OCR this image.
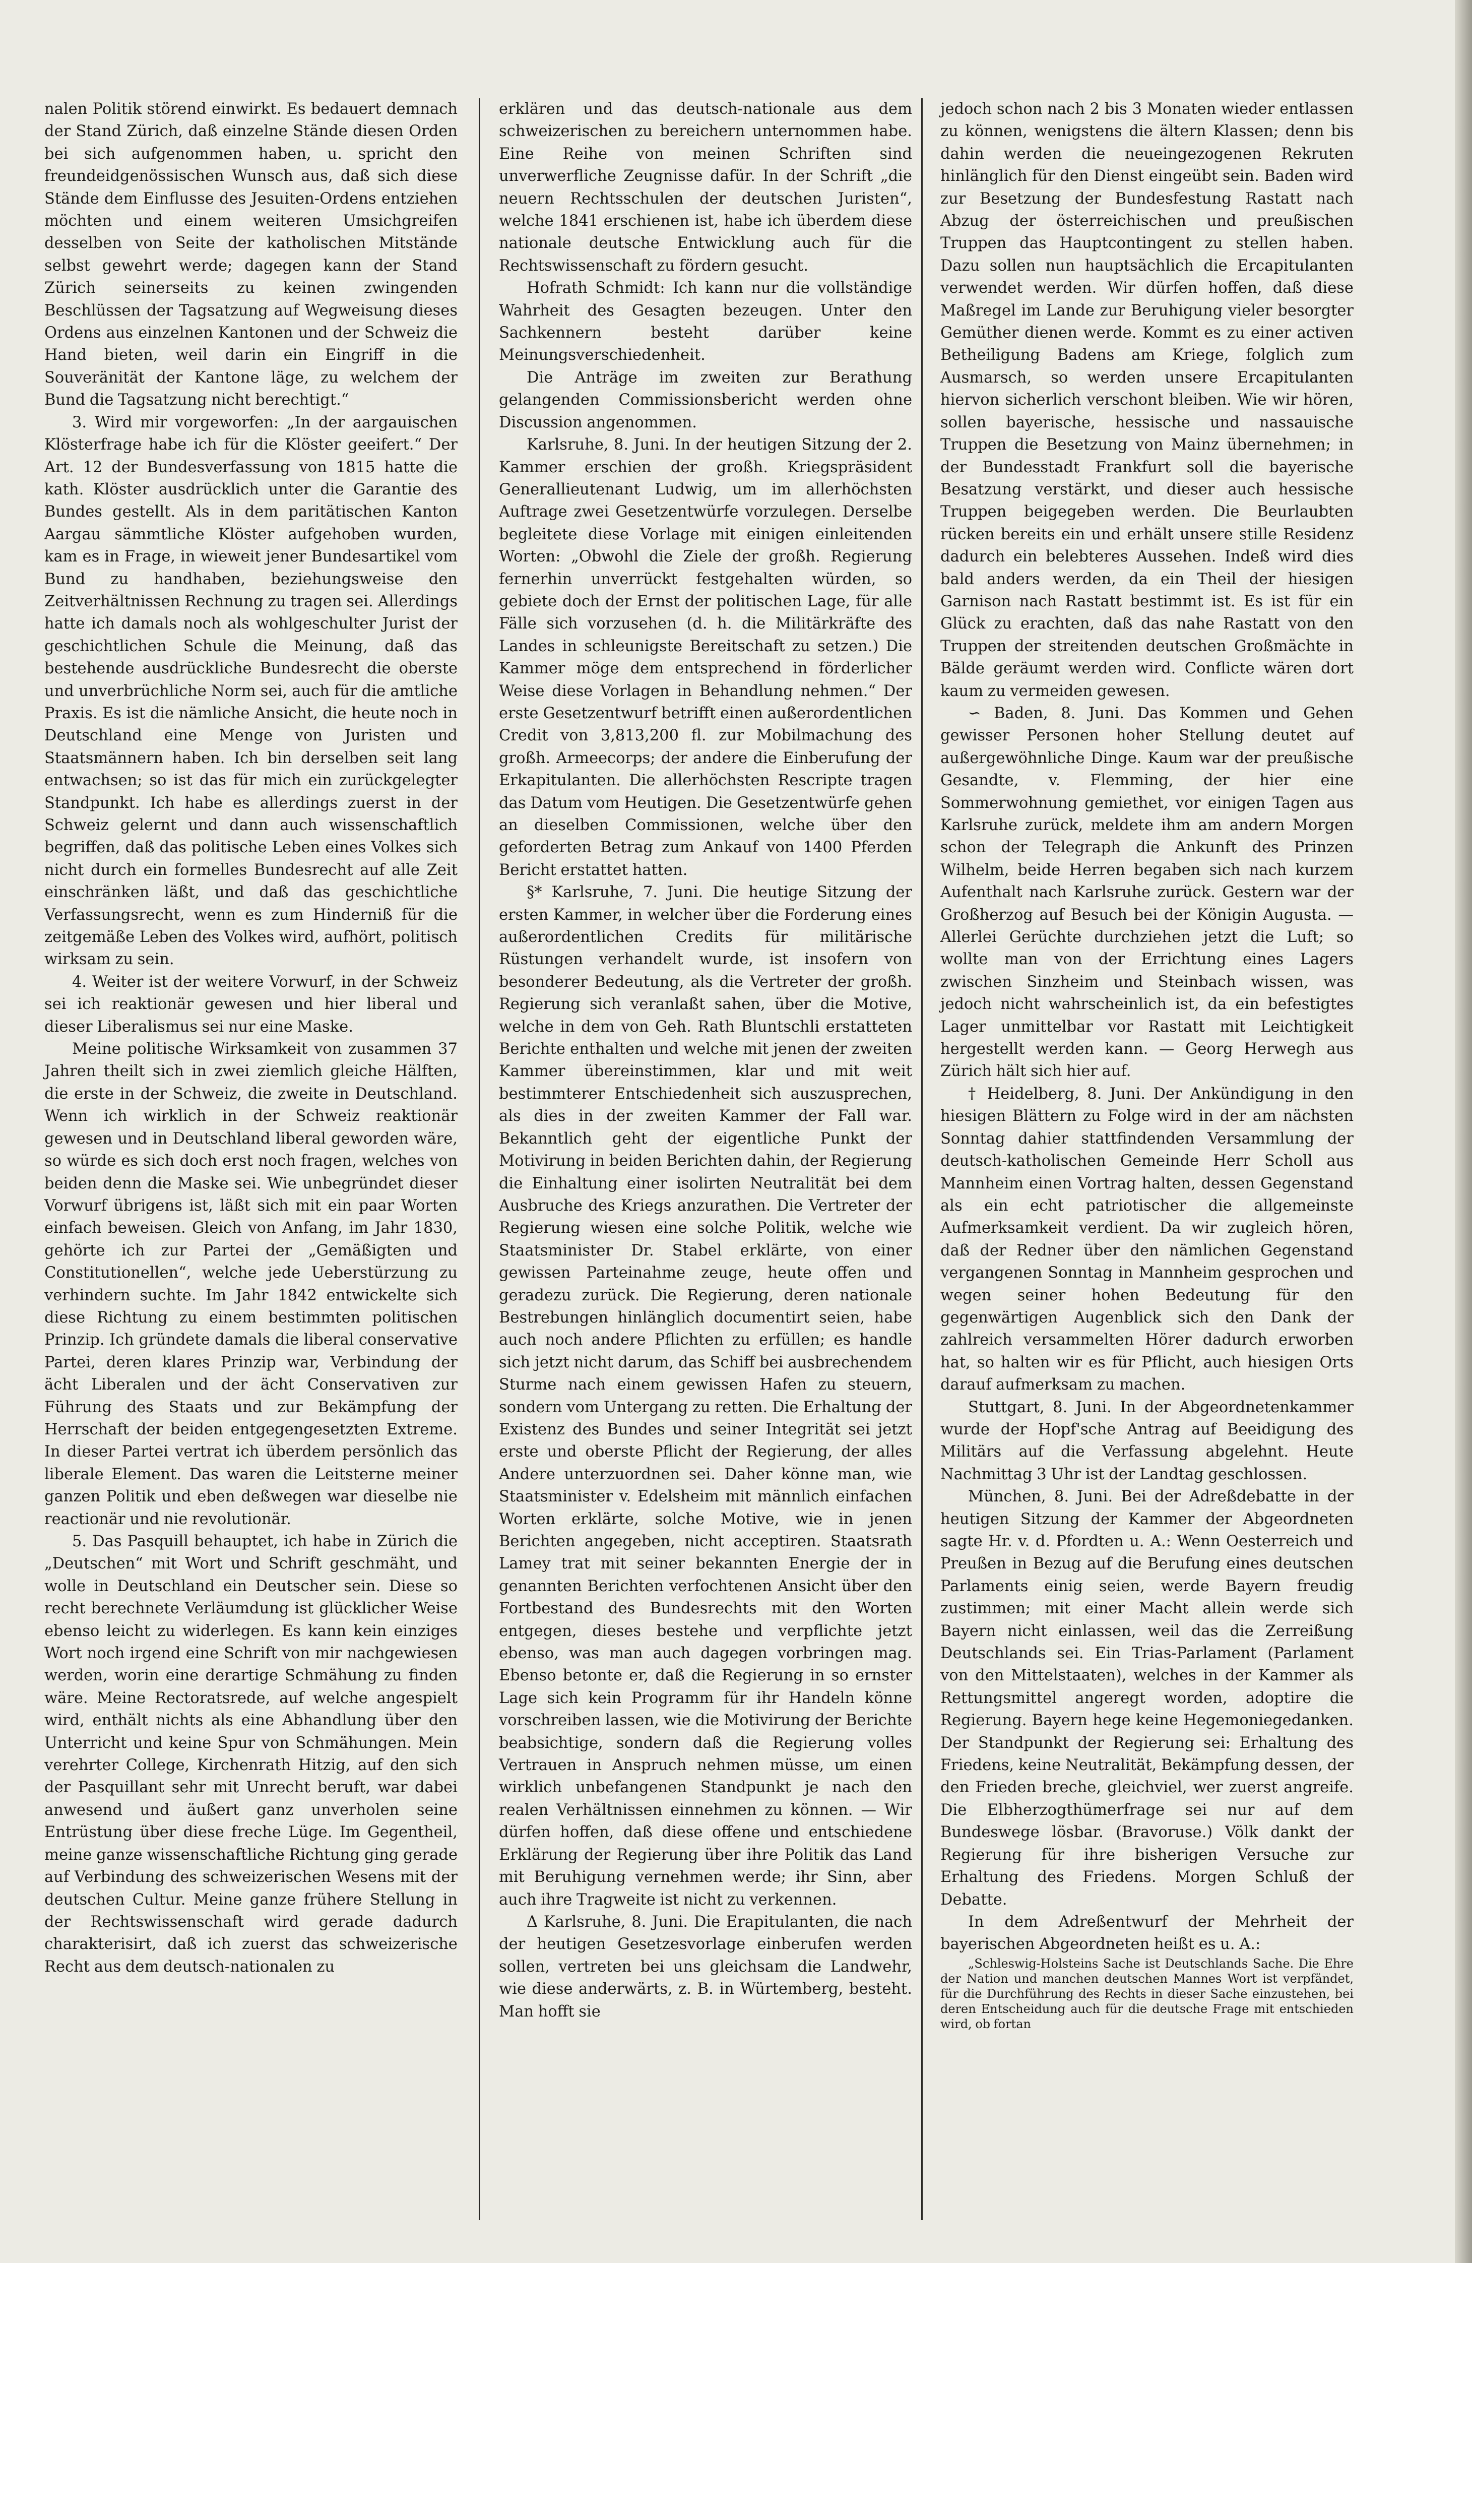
nalen Politik störend einwirkt. Es bedauert demnach der Stand Zürich, daß einzelne Stände diesen Orden bei sich aufgenommen haben, u. spricht den freundeidgenössischen Wunsch aus, daß sich diese Stände dem Einflusse des Jesuiten-Ordens entziehen möchten und einem weiteren Umsichgreifen desselben von Seite der katholischen Mitstände selbst gewehrt werde; dagegen kann der Stand Zürich seinerseits zu keinen zwingenden Beschlüssen der Tagsatzung auf Wegweisung dieses Ordens aus einzelnen Kantonen und der Schweiz die Hand bieten, weil darin ein Eingriff in die Souveränität der Kantone läge, zu welchem der Bund die Tagsatzung nicht berechtigt.“

3. Wird mir vorgeworfen: „In der aargauischen Klösterfrage habe ich für die Klöster geeifert.“ Der Art. 12 der Bundesverfassung von 1815 hatte die kath. Klöster ausdrücklich unter die Garantie des Bundes gestellt. Als in dem paritätischen Kanton Aargau sämmtliche Klöster aufgehoben wurden, kam es in Frage, in wieweit jener Bundesartikel vom Bund zu handhaben, beziehungsweise den Zeitverhältnissen Rechnung zu tragen sei. Allerdings hatte ich damals noch als wohlgeschulter Jurist der geschichtlichen Schule die Meinung, daß das bestehende ausdrückliche Bundesrecht die oberste und unverbrüchliche Norm sei, auch für die amtliche Praxis. Es ist die nämliche Ansicht, die heute noch in Deutschland eine Menge von Juristen und Staatsmännern haben. Ich bin derselben seit lang entwachsen; so ist das für mich ein zurückgelegter Standpunkt. Ich habe es allerdings zuerst in der Schweiz gelernt und dann auch wissenschaftlich begriffen, daß das politische Leben eines Volkes sich nicht durch ein formelles Bundesrecht auf alle Zeit einschränken läßt, und daß das geschichtliche Verfassungsrecht, wenn es zum Hinderniß für die zeitgemäße Leben des Volkes wird, aufhört, politisch wirksam zu sein.

4. Weiter ist der weitere Vorwurf, in der Schweiz sei ich reaktionär gewesen und hier liberal und dieser Liberalismus sei nur eine Maske.

Meine politische Wirksamkeit von zusammen 37 Jahren theilt sich in zwei ziemlich gleiche Hälften, die erste in der Schweiz, die zweite in Deutschland. Wenn ich wirklich in der Schweiz reaktionär gewesen und in Deutschland liberal geworden wäre, so würde es sich doch erst noch fragen, welches von beiden denn die Maske sei. Wie unbegründet dieser Vorwurf übrigens ist, läßt sich mit ein paar Worten einfach beweisen. Gleich von Anfang, im Jahr 1830, gehörte ich zur Partei der „Gemäßigten und Constitutionellen“, welche jede Ueberstürzung zu verhindern suchte. Im Jahr 1842 entwickelte sich diese Richtung zu einem bestimmten politischen Prinzip. Ich gründete damals die liberal conservative Partei, deren klares Prinzip war, Verbindung der ächt Liberalen und der ächt Conservativen zur Führung des Staats und zur Bekämpfung der Herrschaft der beiden entgegengesetzten Extreme. In dieser Partei vertrat ich überdem persönlich das liberale Element. Das waren die Leitsterne meiner ganzen Politik und eben deßwegen war dieselbe nie reactionär und nie revolutionär.

5. Das Pasquill behauptet, ich habe in Zürich die „Deutschen“ mit Wort und Schrift geschmäht, und wolle in Deutschland ein Deutscher sein. Diese so recht berechnete Verläumdung ist glücklicher Weise ebenso leicht zu widerlegen. Es kann kein einziges Wort noch irgend eine Schrift von mir nachgewiesen werden, worin eine derartige Schmähung zu finden wäre. Meine Rectoratsrede, auf welche angespielt wird, enthält nichts als eine Abhandlung über den Unterricht und keine Spur von Schmähungen. Mein verehrter College, Kirchenrath Hitzig, auf den sich der Pasquillant sehr mit Unrecht beruft, war dabei anwesend und äußert ganz unverholen seine Entrüstung über diese freche Lüge. Im Gegentheil, meine ganze wissenschaftliche Richtung ging gerade auf Verbindung des schweizerischen Wesens mit der deutschen Cultur. Meine ganze frühere Stellung in der Rechtswissenschaft wird gerade dadurch charakterisirt, daß ich zuerst das schweizerische Recht aus dem deutsch-nationalen zu

erklären und das deutsch-nationale aus dem schweizerischen zu bereichern unternommen habe. Eine Reihe von meinen Schriften sind unverwerfliche Zeugnisse dafür. In der Schrift „die neuern Rechtsschulen der deutschen Juristen“, welche 1841 erschienen ist, habe ich überdem diese nationale deutsche Entwicklung auch für die Rechtswissenschaft zu fördern gesucht.

Hofrath Schmidt: Ich kann nur die vollständige Wahrheit des Gesagten bezeugen. Unter den Sachkennern besteht darüber keine Meinungsverschiedenheit.

Die Anträge im zweiten zur Berathung gelangenden Commissionsbericht werden ohne Discussion angenommen.

Karlsruhe, 8. Juni. In der heutigen Sitzung der 2. Kammer erschien der großh. Kriegspräsident Generallieutenant Ludwig, um im allerhöchsten Auftrage zwei Gesetzentwürfe vorzulegen. Derselbe begleitete diese Vorlage mit einigen einleitenden Worten: „Obwohl die Ziele der großh. Regierung fernerhin unverrückt festgehalten würden, so gebiete doch der Ernst der politischen Lage, für alle Fälle sich vorzusehen (d. h. die Militärkräfte des Landes in schleunigste Bereitschaft zu setzen.) Die Kammer möge dem entsprechend in förderlicher Weise diese Vorlagen in Behandlung nehmen.“ Der erste Gesetzentwurf betrifft einen außerordentlichen Credit von 3,813,200 fl. zur Mobilmachung des großh. Armeecorps; der andere die Einberufung der Erkapitulanten. Die allerhöchsten Rescripte tragen das Datum vom Heutigen. Die Gesetzentwürfe gehen an dieselben Commissionen, welche über den geforderten Betrag zum Ankauf von 1400 Pferden Bericht erstattet hatten.

§* Karlsruhe, 7. Juni. Die heutige Sitzung der ersten Kammer, in welcher über die Forderung eines außerordentlichen Credits für militärische Rüstungen verhandelt wurde, ist insofern von besonderer Bedeutung, als die Vertreter der großh. Regierung sich veranlaßt sahen, über die Motive, welche in dem von Geh. Rath Bluntschli erstatteten Berichte enthalten und welche mit jenen der zweiten Kammer übereinstimmen, klar und mit weit bestimmterer Entschiedenheit sich auszusprechen, als dies in der zweiten Kammer der Fall war. Bekanntlich geht der eigentliche Punkt der Motivirung in beiden Berichten dahin, der Regierung die Einhaltung einer isolirten Neutralität bei dem Ausbruche des Kriegs anzurathen. Die Vertreter der Regierung wiesen eine solche Politik, welche wie Staatsminister Dr. Stabel erklärte, von einer gewissen Parteinahme zeuge, heute offen und geradezu zurück. Die Regierung, deren nationale Bestrebungen hinlänglich documentirt seien, habe auch noch andere Pflichten zu erfüllen; es handle sich jetzt nicht darum, das Schiff bei ausbrechendem Sturme nach einem gewissen Hafen zu steuern, sondern vom Untergang zu retten. Die Erhaltung der Existenz des Bundes und seiner Integrität sei jetzt erste und oberste Pflicht der Regierung, der alles Andere unterzuordnen sei. Daher könne man, wie Staatsminister v. Edelsheim mit männlich einfachen Worten erklärte, solche Motive, wie in jenen Berichten angegeben, nicht acceptiren. Staatsrath Lamey trat mit seiner bekannten Energie der in genannten Berichten verfochtenen Ansicht über den Fortbestand des Bundesrechts mit den Worten entgegen, dieses bestehe und verpflichte jetzt ebenso, was man auch dagegen vorbringen mag. Ebenso betonte er, daß die Regierung in so ernster Lage sich kein Programm für ihr Handeln könne vorschreiben lassen, wie die Motivirung der Berichte beabsichtige, sondern daß die Regierung volles Vertrauen in Anspruch nehmen müsse, um einen wirklich unbefangenen Standpunkt je nach den realen Verhältnissen einnehmen zu können. — Wir dürfen hoffen, daß diese offene und entschiedene Erklärung der Regierung über ihre Politik das Land mit Beruhigung vernehmen werde; ihr Sinn, aber auch ihre Tragweite ist nicht zu verkennen.

Δ Karlsruhe, 8. Juni. Die Erapitulanten, die nach der heutigen Gesetzesvorlage einberufen werden sollen, vertreten bei uns gleichsam die Landwehr, wie diese anderwärts, z. B. in Würtemberg, besteht. Man hofft sie

jedoch schon nach 2 bis 3 Monaten wieder entlassen zu können, wenigstens die ältern Klassen; denn bis dahin werden die neueingezogenen Rekruten hinlänglich für den Dienst eingeübt sein. Baden wird zur Besetzung der Bundesfestung Rastatt nach Abzug der österreichischen und preußischen Truppen das Hauptcontingent zu stellen haben. Dazu sollen nun hauptsächlich die Ercapitulanten verwendet werden. Wir dürfen hoffen, daß diese Maßregel im Lande zur Beruhigung vieler besorgter Gemüther dienen werde. Kommt es zu einer activen Betheiligung Badens am Kriege, folglich zum Ausmarsch, so werden unsere Ercapitulanten hiervon sicherlich verschont bleiben. Wie wir hören, sollen bayerische, hessische und nassauische Truppen die Besetzung von Mainz übernehmen; in der Bundesstadt Frankfurt soll die bayerische Besatzung verstärkt, und dieser auch hessische Truppen beigegeben werden. Die Beurlaubten rücken bereits ein und erhält unsere stille Residenz dadurch ein belebteres Aussehen. Indeß wird dies bald anders werden, da ein Theil der hiesigen Garnison nach Rastatt bestimmt ist. Es ist für ein Glück zu erachten, daß das nahe Rastatt von den Truppen der streitenden deutschen Großmächte in Bälde geräumt werden wird. Conflicte wären dort kaum zu vermeiden gewesen.

∽ Baden, 8. Juni. Das Kommen und Gehen gewisser Personen hoher Stellung deutet auf außergewöhnliche Dinge. Kaum war der preußische Gesandte, v. Flemming, der hier eine Sommerwohnung gemiethet, vor einigen Tagen aus Karlsruhe zurück, meldete ihm am andern Morgen schon der Telegraph die Ankunft des Prinzen Wilhelm, beide Herren begaben sich nach kurzem Aufenthalt nach Karlsruhe zurück. Gestern war der Großherzog auf Besuch bei der Königin Augusta. — Allerlei Gerüchte durchziehen jetzt die Luft; so wollte man von der Errichtung eines Lagers zwischen Sinzheim und Steinbach wissen, was jedoch nicht wahrscheinlich ist, da ein befestigtes Lager unmittelbar vor Rastatt mit Leichtigkeit hergestellt werden kann. — Georg Herwegh aus Zürich hält sich hier auf.

† Heidelberg, 8. Juni. Der Ankündigung in den hiesigen Blättern zu Folge wird in der am nächsten Sonntag dahier stattfindenden Versammlung der deutsch-katholischen Gemeinde Herr Scholl aus Mannheim einen Vortrag halten, dessen Gegenstand als ein echt patriotischer die allgemeinste Aufmerksamkeit verdient. Da wir zugleich hören, daß der Redner über den nämlichen Gegenstand vergangenen Sonntag in Mannheim gesprochen und wegen seiner hohen Bedeutung für den gegenwärtigen Augenblick sich den Dank der zahlreich versammelten Hörer dadurch erworben hat, so halten wir es für Pflicht, auch hiesigen Orts darauf aufmerksam zu machen.

Stuttgart, 8. Juni. In der Abgeordnetenkammer wurde der Hopf'sche Antrag auf Beeidigung des Militärs auf die Verfassung abgelehnt. Heute Nachmittag 3 Uhr ist der Landtag geschlossen.

München, 8. Juni. Bei der Adreßdebatte in der heutigen Sitzung der Kammer der Abgeordneten sagte Hr. v. d. Pfordten u. A.: Wenn Oesterreich und Preußen in Bezug auf die Berufung eines deutschen Parlaments einig seien, werde Bayern freudig zustimmen; mit einer Macht allein werde sich Bayern nicht einlassen, weil das die Zerreißung Deutschlands sei. Ein Trias-Parlament (Parlament von den Mittelstaaten), welches in der Kammer als Rettungsmittel angeregt worden, adoptire die Regierung. Bayern hege keine Hegemoniegedanken. Der Standpunkt der Regierung sei: Erhaltung des Friedens, keine Neutralität, Bekämpfung dessen, der den Frieden breche, gleichviel, wer zuerst angreife. Die Elbherzogthümerfrage sei nur auf dem Bundeswege lösbar. (Bravoruse.) Völk dankt der Regierung für ihre bisherigen Versuche zur Erhaltung des Friedens. Morgen Schluß der Debatte.

In dem Adreßentwurf der Mehrheit der bayerischen Abgeordneten heißt es u. A.:

„Schleswig-Holsteins Sache ist Deutschlands Sache. Die Ehre der Nation und manchen deutschen Mannes Wort ist verpfändet, für die Durchführung des Rechts in dieser Sache einzustehen, bei deren Entscheidung auch für die deutsche Frage mit entschieden wird, ob fortan
